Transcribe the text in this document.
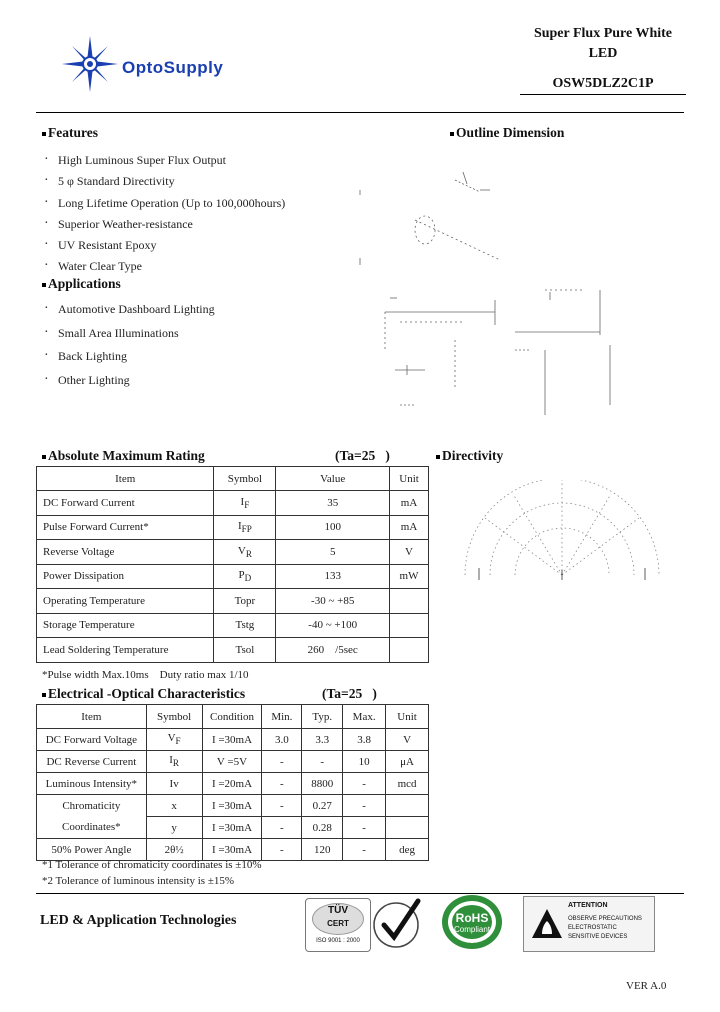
OptoSupply
Super Flux Pure White
LED
OSW5DLZ2C1P
Features
· High Luminous Super Flux Output
· 5 φ Standard Directivity
· Long Lifetime Operation (Up to 100,000hours)
· Superior Weather-resistance
· UV Resistant Epoxy
· Water Clear Type
Applications
· Automotive Dashboard Lighting
· Small Area Illuminations
· Back Lighting
· Other Lighting
Outline Dimension
Absolute Maximum Rating	(Ta=25   )
Item	Symbol	Value	Unit
DC Forward Current	$I_F$	35	mA
Pulse Forward Current*	$I_{FP}$	100	mA
Reverse Voltage	$V_R$	5	V
Power Dissipation	$P_D$	133	mW
Operating Temperature	Topr	-30 ~ +85	
Storage Temperature	Tstg	-40 ~ +100	
Lead Soldering Temperature	Tsol	260    /5sec	
*Pulse width Max.10ms    Duty ratio max 1/10
Directivity
Electrical -Optical Characteristics	(Ta=25   )
Item	Symbol	Condition	Min.	Typ.	Max.	Unit
DC Forward Voltage	$V_F$	I =30mA	3.0	3.3	3.8	V
DC Reverse Current	$I_R$	V =5V	-	-	10	μA
Luminous Intensity*	Iv	I =20mA	-	8800	-	mcd
Chromaticity	x	I =30mA	-	0.27	-	
Coordinates*	y	I =30mA	-	0.28	-	
50% Power Angle	2θ½	I =30mA	-	120	-	deg
*1 Tolerance of chromaticity coordinates is ±10%
*2 Tolerance of luminous intensity is ±15%
LED & Application Technologies
TÜV
CERT
ISO 9001 : 2000
RoHS
Compliant
ATTENTION
OBSERVE PRECAUTIONS
ELECTROSTATIC
SENSITIVE DEVICES
VER A.0
